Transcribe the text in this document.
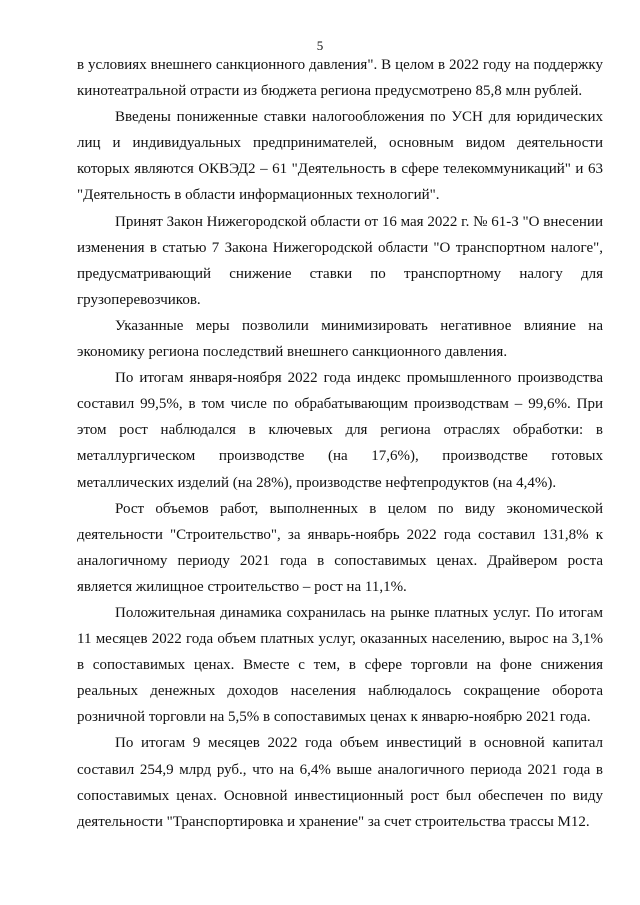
5

в условиях внешнего санкционного давления". В целом в 2022 году на поддержку кинотеатральной отрасти из бюджета региона предусмотрено 85,8 млн рублей.

Введены пониженные ставки налогообложения по УСН для юридических лиц и индивидуальных предпринимателей, основным видом деятельности которых являются ОКВЭД2 – 61 "Деятельность в сфере телекоммуникаций" и 63 "Деятельность в области информационных технологий".

Принят Закон Нижегородской области от 16 мая 2022 г. № 61-З "О внесении изменения в статью 7 Закона Нижегородской области "О транспортном налоге", предусматривающий снижение ставки по транспортному налогу для грузоперевозчиков.

Указанные меры позволили минимизировать негативное влияние на экономику региона последствий внешнего санкционного давления.

По итогам января-ноября 2022 года индекс промышленного производства составил 99,5%, в том числе по обрабатывающим производствам – 99,6%. При этом рост наблюдался в ключевых для региона отраслях обработки: в металлургическом производстве (на 17,6%), производстве готовых металлических изделий (на 28%), производстве нефтепродуктов (на 4,4%).

Рост объемов работ, выполненных в целом по виду экономической деятельности "Строительство", за январь-ноябрь 2022 года составил 131,8% к аналогичному периоду 2021 года в сопоставимых ценах. Драйвером роста является жилищное строительство – рост на 11,1%.

Положительная динамика сохранилась на рынке платных услуг. По итогам 11 месяцев 2022 года объем платных услуг, оказанных населению, вырос на 3,1% в сопоставимых ценах. Вместе с тем, в сфере торговли на фоне снижения реальных денежных доходов населения наблюдалось сокращение оборота розничной торговли на 5,5% в сопоставимых ценах к январю-ноябрю 2021 года.

По итогам 9 месяцев 2022 года объем инвестиций в основной капитал составил 254,9 млрд руб., что на 6,4% выше аналогичного периода 2021 года в сопоставимых ценах. Основной инвестиционный рост был обеспечен по виду деятельности "Транспортировка и хранение" за счет строительства трассы М12.
